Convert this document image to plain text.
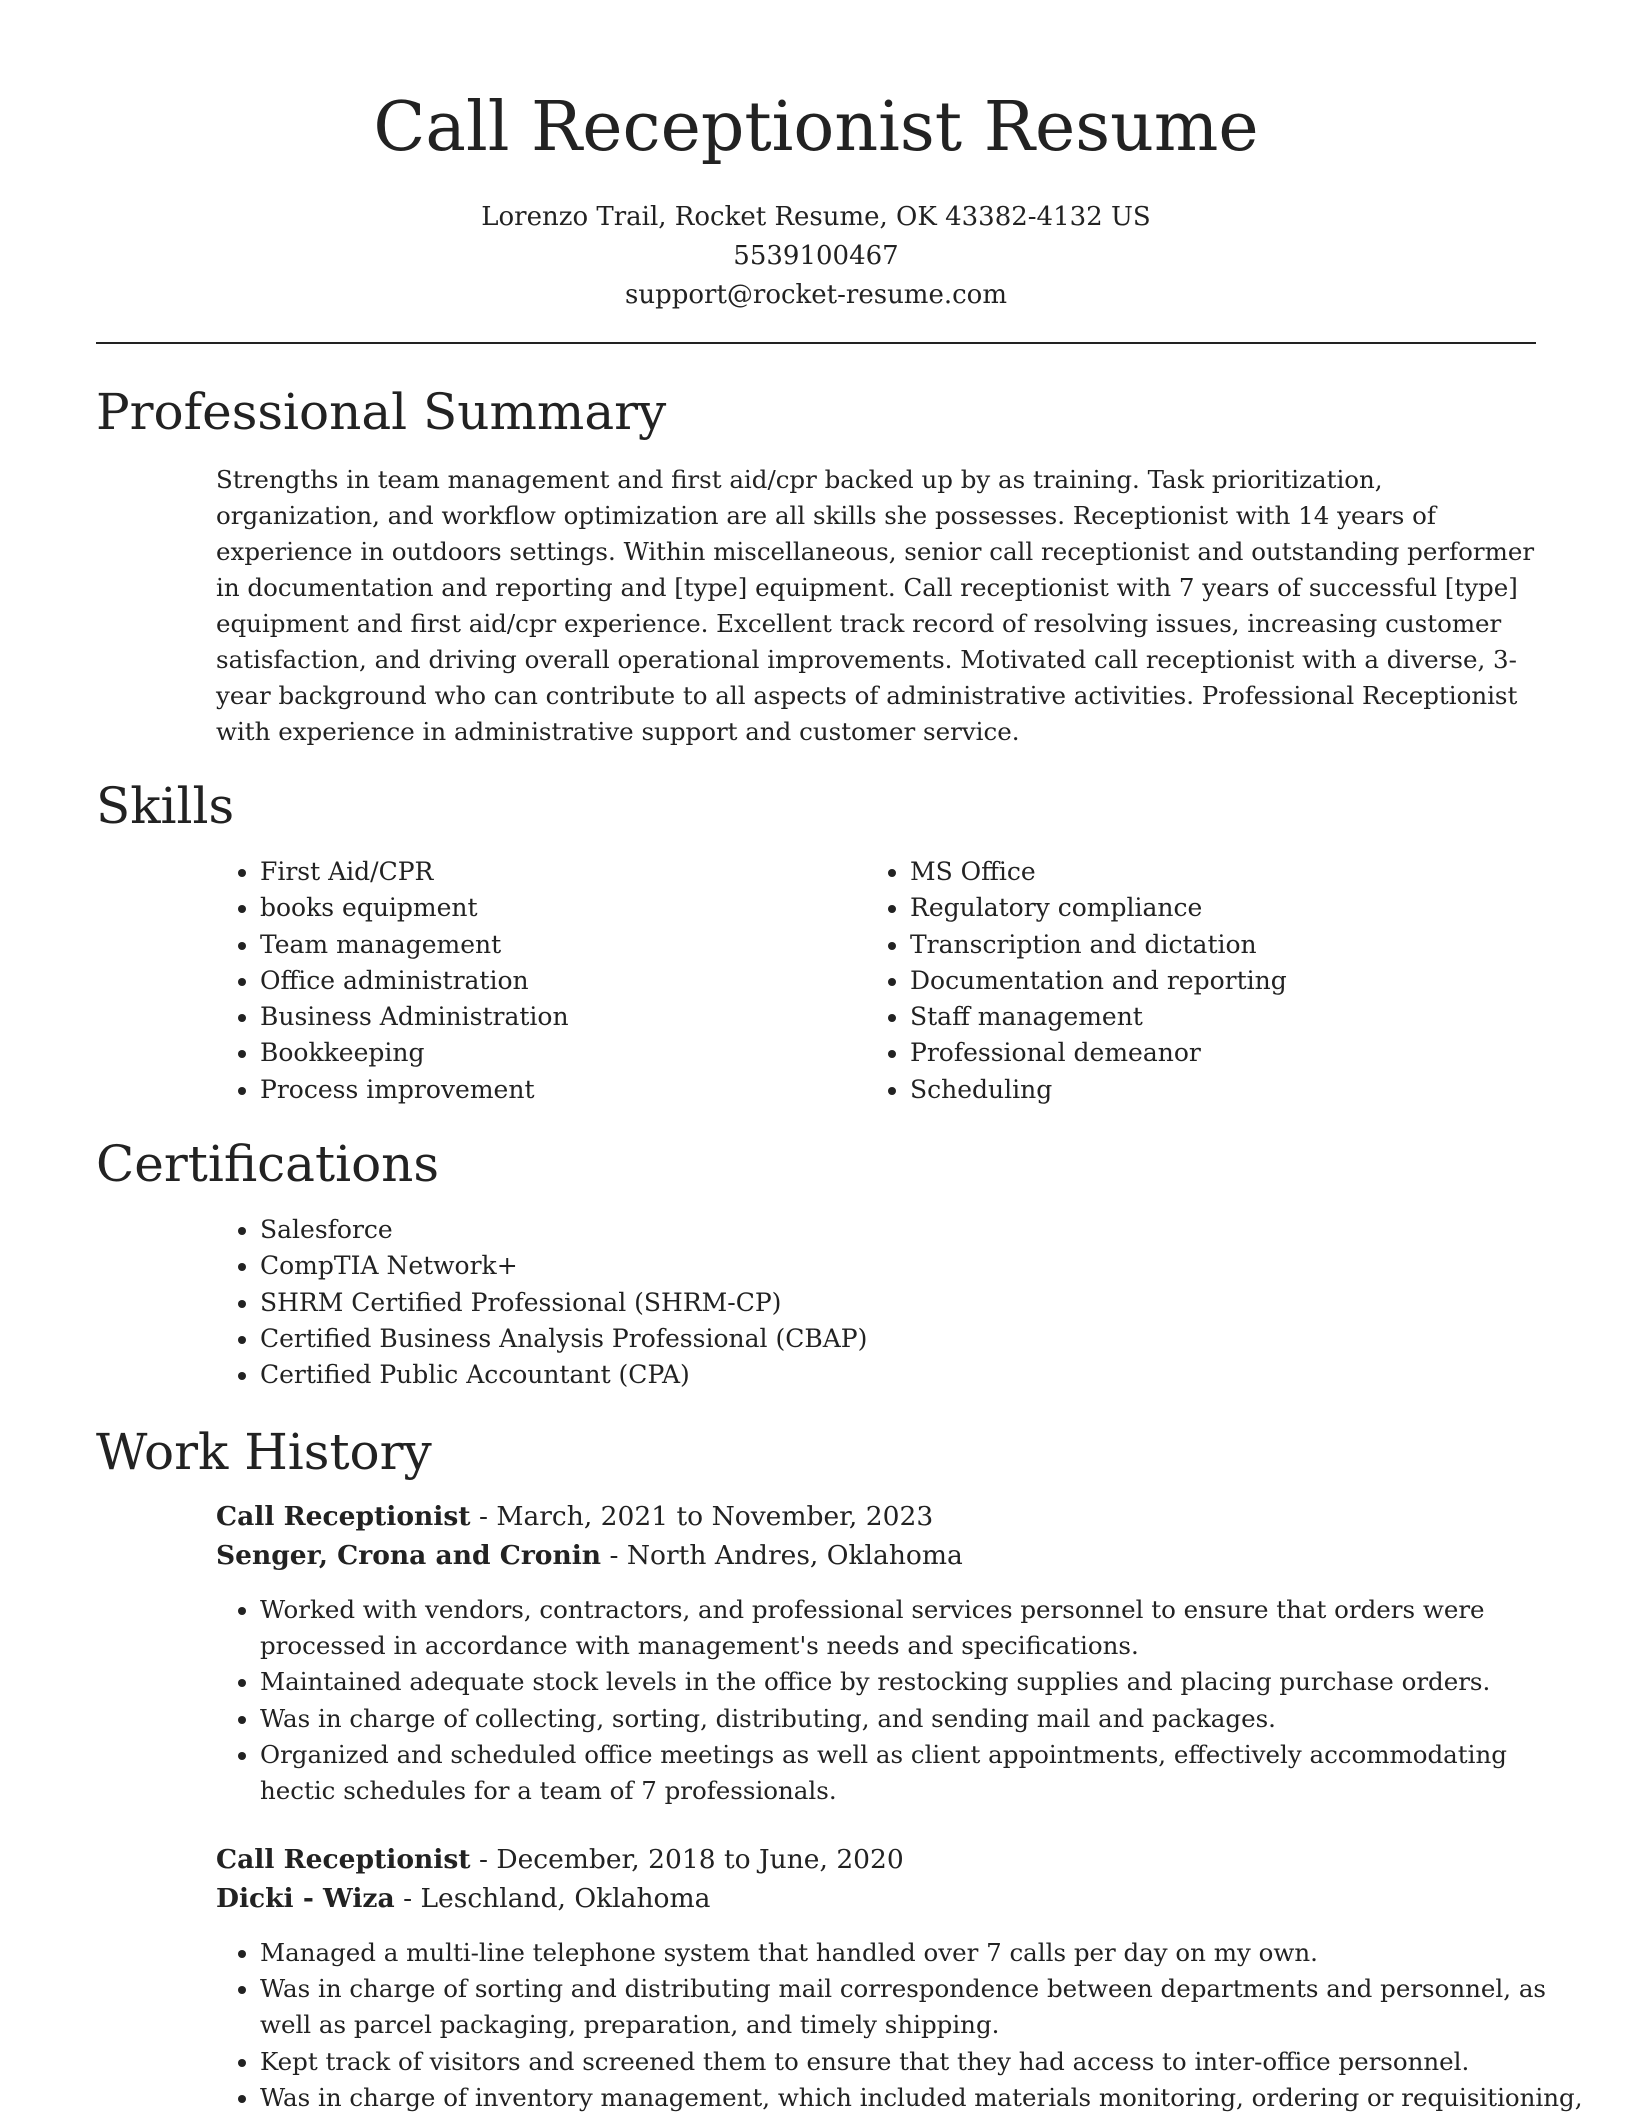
Call Receptionist Resume
Lorenzo Trail, Rocket Resume, OK 43382-4132 US
5539100467
support@rocket-resume.com
Professional Summary

Strengths in team management and first aid/cpr backed up by as training. Task prioritization, organization, and workflow optimization are all skills she possesses. Receptionist with 14 years of experience in outdoors settings. Within miscellaneous, senior call receptionist and outstanding performer in documentation and reporting and [type] equipment. Call receptionist with 7 years of successful [type] equipment and first aid/cpr experience. Excellent track record of resolving issues, increasing customer satisfaction, and driving overall operational improvements. Motivated call receptionist with a diverse, 3-year background who can contribute to all aspects of administrative activities. Professional Receptionist with experience in administrative support and customer service.

Skills
• First Aid/CPR
• books equipment
• Team management
• Office administration
• Business Administration
• Bookkeeping
• Process improvement
• MS Office
• Regulatory compliance
• Transcription and dictation
• Documentation and reporting
• Staff management
• Professional demeanor
• Scheduling
Certifications
• Salesforce
• CompTIA Network+
• SHRM Certified Professional (SHRM-CP)
• Certified Business Analysis Professional (CBAP)
• Certified Public Accountant (CPA)
Work History
Call Receptionist - March, 2021 to November, 2023
Senger, Crona and Cronin - North Andres, Oklahoma
• Worked with vendors, contractors, and professional services personnel to ensure that orders were processed in accordance with management's needs and specifications.
• Maintained adequate stock levels in the office by restocking supplies and placing purchase orders.
• Was in charge of collecting, sorting, distributing, and sending mail and packages.
• Organized and scheduled office meetings as well as client appointments, effectively accommodating hectic schedules for a team of 7 professionals.
Call Receptionist - December, 2018 to June, 2020
Dicki - Wiza - Leschland, Oklahoma
• Managed a multi-line telephone system that handled over 7 calls per day on my own.
• Was in charge of sorting and distributing mail correspondence between departments and personnel, as well as parcel packaging, preparation, and timely shipping.
• Kept track of visitors and screened them to ensure that they had access to inter-office personnel.
• Was in charge of inventory management, which included materials monitoring, ordering or requisitioning,
